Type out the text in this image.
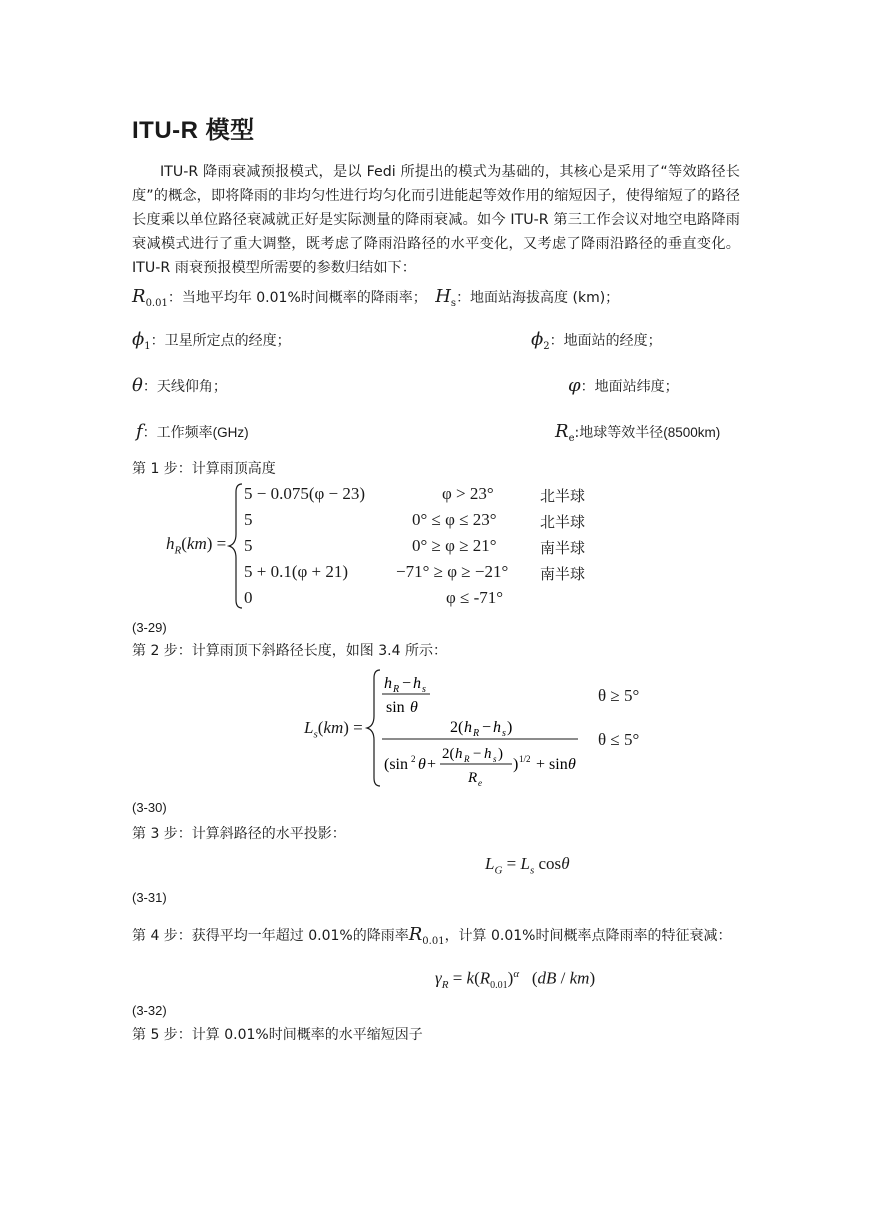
ITU-R 模型
ITU-R 降雨衰减预报模式，是以 Fedi 所提出的模式为基础的，其核心是采用了“等效路径长度”的概念，即将降雨的非均匀性进行均匀化而引进能起等效作用的缩短因子，使得缩短了的路径长度乘以单位路径衰减就正好是实际测量的降雨衰减。如今 ITU-R 第三工作会议对地空电路降雨衰减模式进行了重大调整，既考虑了降雨沿路径的水平变化，又考虑了降雨沿路径的垂直变化。ITU-R 雨衰预报模型所需要的参数归结如下：
$R_{0.01}$：当地平均年 0.01%时间概率的降雨率； $H_s$：地面站海拔高度 (km)；
$\phi_1$：卫星所定点的经度；	$\phi_2$：地面站的经度；
θ：天线仰角；	φ：地面站纬度；
f：工作频率(GHz)	$R_e$:地球等效半径(8500km)
第 1 步：计算雨顶高度
$h_R(km)$ =
5 − 0.075(φ − 23)	φ > 23°	北半球
5	0° ≤ φ ≤ 23°	北半球
5	0° ≥ φ ≥ 21°	南半球
5 + 0.1(φ + 21)	−71° ≥ φ ≥ −21° 南半球
0	φ ≤ -71°
(3-29)
第 2 步：计算雨顶下斜路径长度，如图 3.4 所示：
h R − h s
sin θ
2( h R − h s )
(sin 2 θ +
2( h R − h s )
R e
) 1/2 + sin θ
$L_s(km)$ =
θ ≥ 5°
θ ≤ 5°
(3-30)
第 3 步：计算斜路径的水平投影：
$L_G = L_s$ cosθ
(3-31)
第 4 步：获得平均一年超过 0.01%的降雨率$R_{0.01}$，计算 0.01%时间概率点降雨率的特征衰减：
$\gamma_R = k(R_{0.01})^\alpha$   (dB / km)
(3-32)
第 5 步：计算 0.01%时间概率的水平缩短因子
